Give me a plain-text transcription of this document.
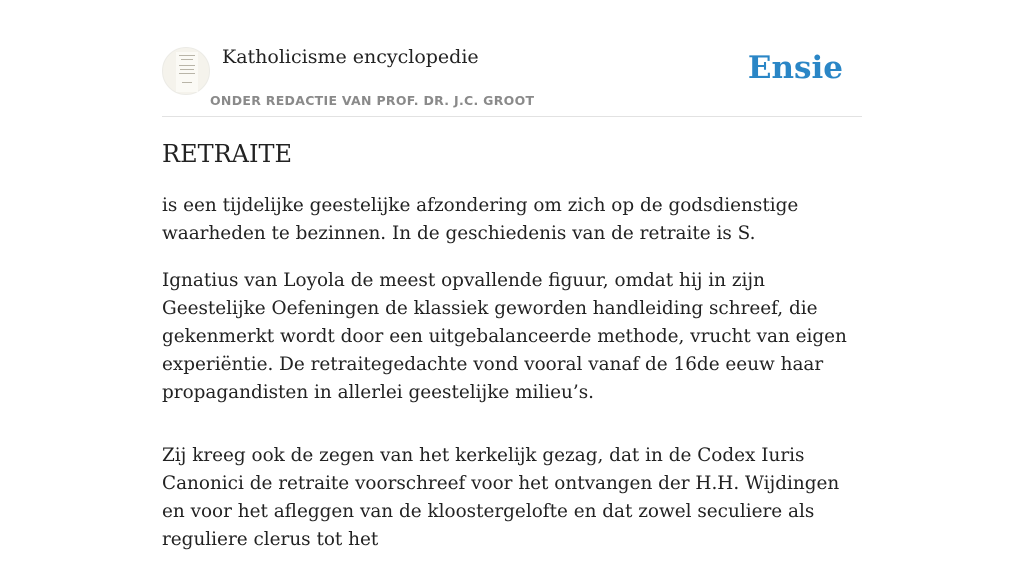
Katholicisme encyclopedie
ONDER REDACTIE VAN PROF. DR. J.C. GROOT
Ensie
RETRAITE

is een tijdelijke geestelijke afzondering om zich op de godsdienstige waarheden te bezinnen. In de geschiedenis van de retraite is S.

Ignatius van Loyola de meest opvallende figuur, omdat hij in zijn Geestelijke Oefeningen de klassiek geworden handleiding schreef, die gekenmerkt wordt door een uitgebalanceerde methode, vrucht van eigen experiëntie. De retraitegedachte vond vooral vanaf de 16de eeuw haar propagandisten in allerlei geestelijke milieu’s.

Zij kreeg ook de zegen van het kerkelijk gezag, dat in de Codex Iuris Canonici de retraite voorschreef voor het ontvangen der H.H. Wijdingen en voor het afleggen van de kloostergelofte en dat zowel seculiere als reguliere clerus tot het
